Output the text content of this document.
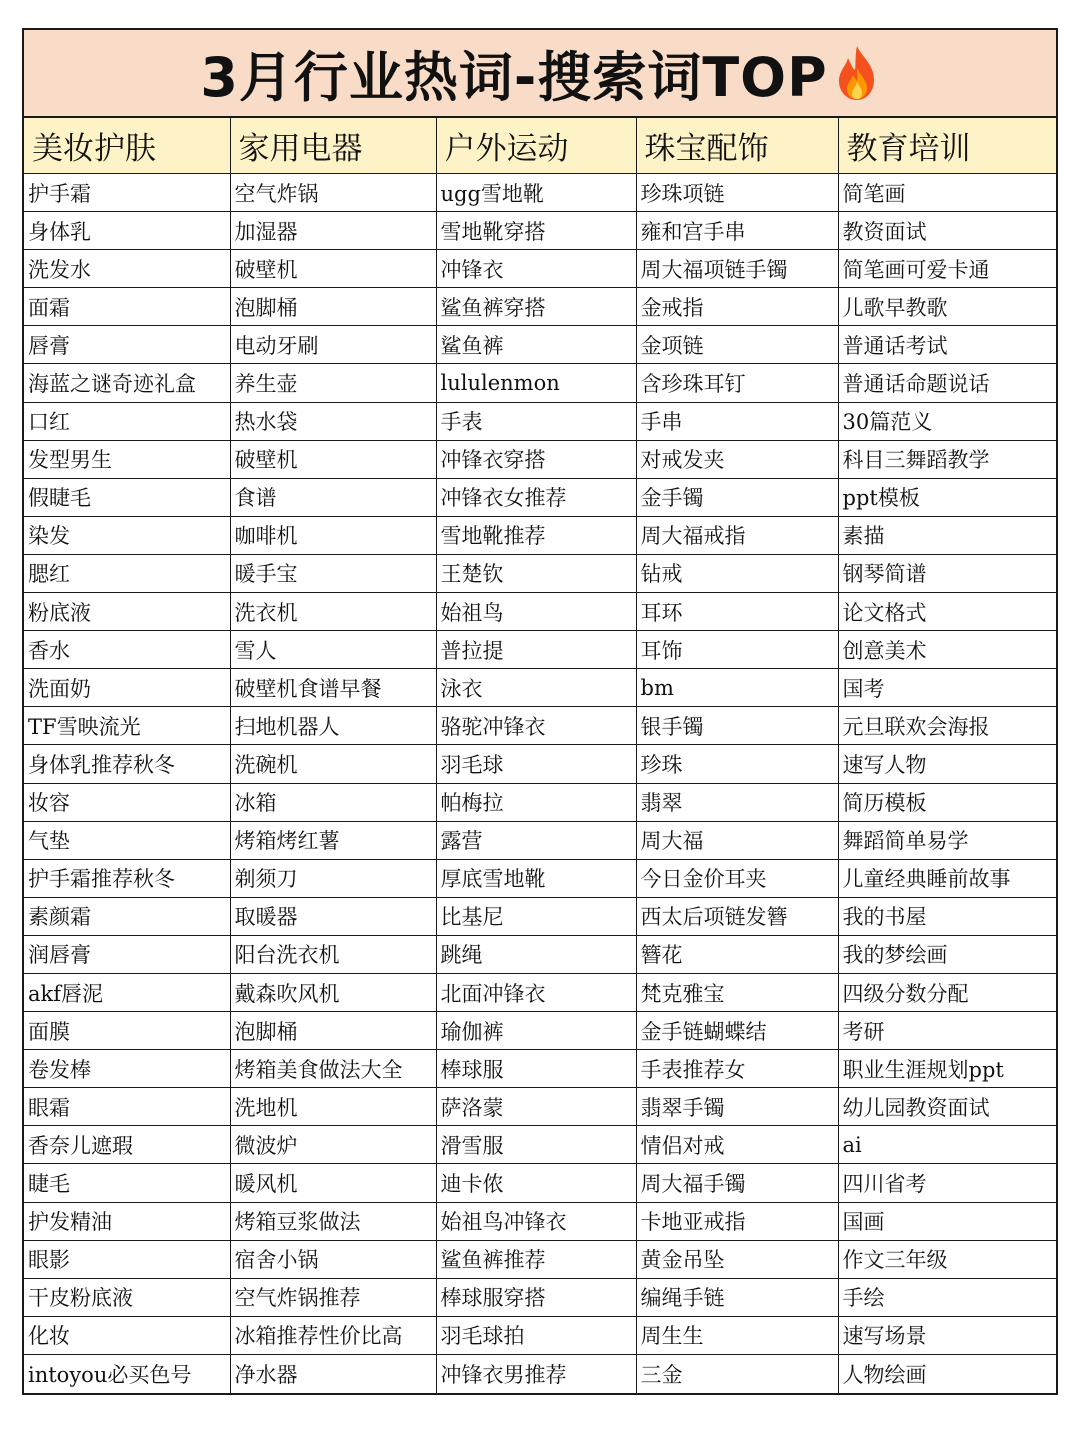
3月行业热词-搜索词TOP
美妆护肤	家用电器	户外运动	珠宝配饰	教育培训
护手霜	空气炸锅	ugg雪地靴	珍珠项链	简笔画
身体乳	加湿器	雪地靴穿搭	雍和宫手串	教资面试
洗发水	破壁机	冲锋衣	周大福项链手镯	简笔画可爱卡通
面霜	泡脚桶	鲨鱼裤穿搭	金戒指	儿歌早教歌
唇膏	电动牙刷	鲨鱼裤	金项链	普通话考试
海蓝之谜奇迹礼盒	养生壶	lululenmon	含珍珠耳钉	普通话命题说话
口红	热水袋	手表	手串	30篇范义
发型男生	破壁机	冲锋衣穿搭	对戒发夹	科目三舞蹈教学
假睫毛	食谱	冲锋衣女推荐	金手镯	ppt模板
染发	咖啡机	雪地靴推荐	周大福戒指	素描
腮红	暖手宝	王楚钦	钻戒	钢琴简谱
粉底液	洗衣机	始祖鸟	耳环	论文格式
香水	雪人	普拉提	耳饰	创意美术
洗面奶	破壁机食谱早餐	泳衣	bm	国考
TF雪映流光	扫地机器人	骆驼冲锋衣	银手镯	元旦联欢会海报
身体乳推荐秋冬	洗碗机	羽毛球	珍珠	速写人物
妆容	冰箱	帕梅拉	翡翠	简历模板
气垫	烤箱烤红薯	露营	周大福	舞蹈简单易学
护手霜推荐秋冬	剃须刀	厚底雪地靴	今日金价耳夹	儿童经典睡前故事
素颜霜	取暖器	比基尼	西太后项链发簪	我的书屋
润唇膏	阳台洗衣机	跳绳	簪花	我的梦绘画
akf唇泥	戴森吹风机	北面冲锋衣	梵克雅宝	四级分数分配
面膜	泡脚桶	瑜伽裤	金手链蝴蝶结	考研
卷发棒	烤箱美食做法大全	棒球服	手表推荐女	职业生涯规划ppt
眼霜	洗地机	萨洛蒙	翡翠手镯	幼儿园教资面试
香奈儿遮瑕	微波炉	滑雪服	情侣对戒	ai
睫毛	暖风机	迪卡侬	周大福手镯	四川省考
护发精油	烤箱豆浆做法	始祖鸟冲锋衣	卡地亚戒指	国画
眼影	宿舍小锅	鲨鱼裤推荐	黄金吊坠	作文三年级
干皮粉底液	空气炸锅推荐	棒球服穿搭	编绳手链	手绘
化妆	冰箱推荐性价比高	羽毛球拍	周生生	速写场景
intoyou必买色号	净水器	冲锋衣男推荐	三金	人物绘画
